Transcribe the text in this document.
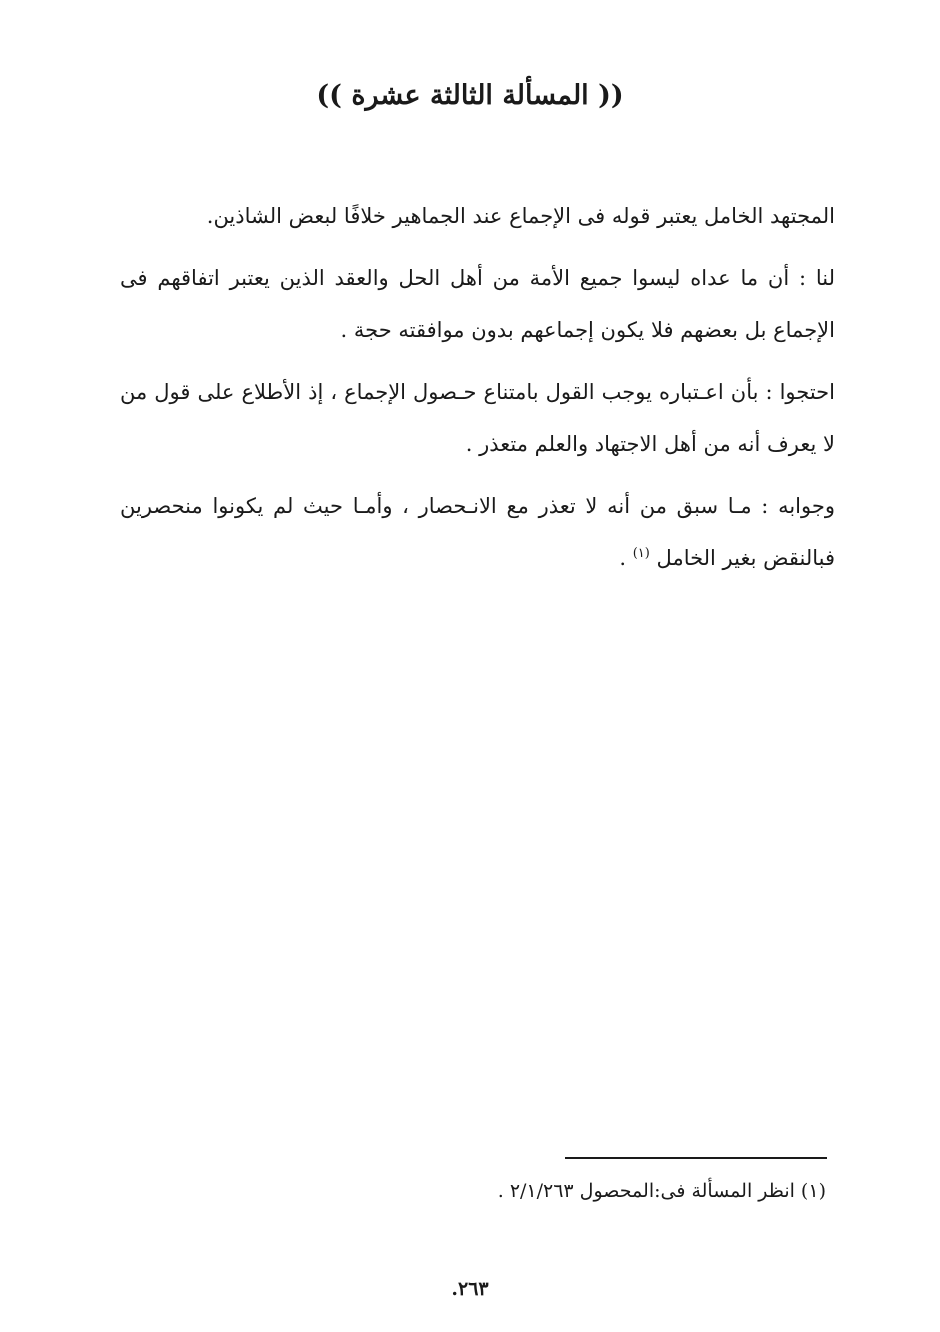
(( المسألة الثالثة عشرة ))

المجتهد الخامل يعتبر قوله فى الإجماع عند الجماهير خلافًا لبعض الشاذين.

لنا : أن ما عداه ليسوا جميع الأمة من أهل الحل والعقد الذين يعتبر اتفاقهم فى الإجماع بل بعضهم فلا يكون إجماعهم بدون موافقته حجة .

احتجوا : بأن اعـتباره يوجب القول بامتناع حـصول الإجماع ، إذ الأطلاع على قول من لا يعرف أنه من أهل الاجتهاد والعلم متعذر .

وجوابه : مـا سبق من أنه لا تعذر مع الانـحصار ، وأمـا حيث لم يكونوا منحصرين فبالنقض بغير الخامل $^{(١)}$ .

(١) انظر المسألة فى:المحصول ٢/١/٢٦٣ .
٢٦٣.
